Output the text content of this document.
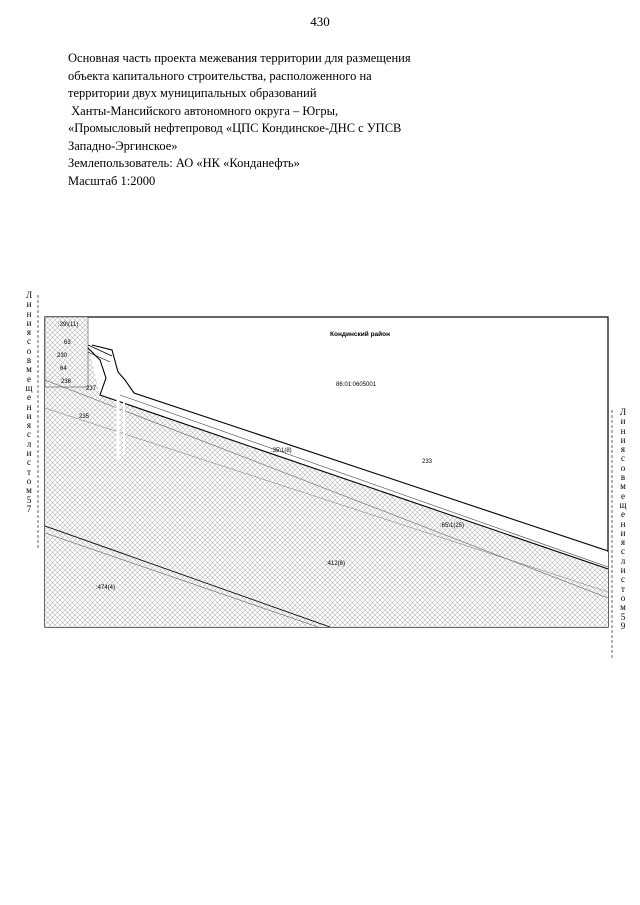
430
Основная часть проекта межевания территории для размещения
объекта капитального строительства, расположенного на
территории двух муниципальных образований
Ханты-Мансийского автономного округа – Югры,
«Промысловый нефтепровод «ЦПС Кондинское-ДНС с УПСВ
Западно-Эргинское»
Землепользователь: АО «НК «Конданефть»
Масштаб 1:2000
Кондинский район
86:01:0605001
:39\(11)
63
230
64
236
237
235
:35\1(8)
233
:65\1(25)
:412(6)
:474(4)
Л
и
н
и
я
с
о
в
м
е
щ
е
н
и
я
с
л
и
с
т
о
м
5
7
Л
и
н
и
я
с
о
в
м
е
щ
е
н
и
я
с
л
и
с
т
о
м
5
9
